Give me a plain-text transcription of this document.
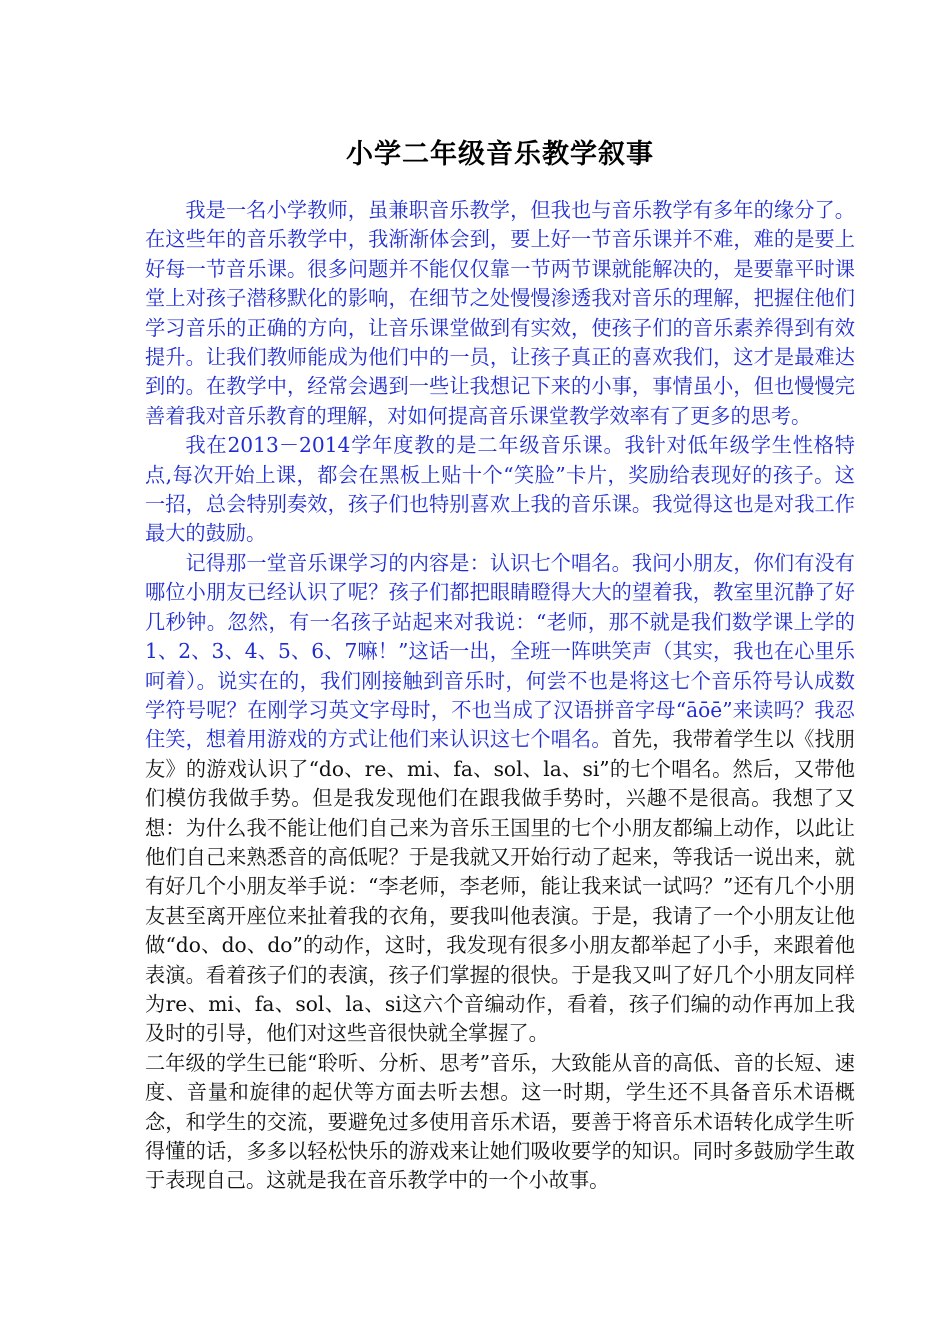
小学二年级音乐教学叙事

我是一名小学教师，虽兼职音乐教学，但我也与音乐教学有多年的缘分了。在这些年的音乐教学中，我渐渐体会到，要上好一节音乐课并不难，难的是要上好每一节音乐课。很多问题并不能仅仅靠一节两节课就能解决的，是要靠平时课堂上对孩子潜移默化的影响，在细节之处慢慢渗透我对音乐的理解，把握住他们学习音乐的正确的方向，让音乐课堂做到有实效，使孩子们的音乐素养得到有效提升。让我们教师能成为他们中的一员，让孩子真正的喜欢我们，这才是最难达到的。在教学中，经常会遇到一些让我想记下来的小事，事情虽小，但也慢慢完善着我对音乐教育的理解，对如何提高音乐课堂教学效率有了更多的思考。

我在2013－2014学年度教的是二年级音乐课。我针对低年级学生性格特点,每次开始上课，都会在黑板上贴十个“笑脸”卡片，奖励给表现好的孩子。这一招，总会特别奏效，孩子们也特别喜欢上我的音乐课。我觉得这也是对我工作最大的鼓励。

记得那一堂音乐课学习的内容是：认识七个唱名。我问小朋友，你们有没有哪位小朋友已经认识了呢？孩子们都把眼睛瞪得大大的望着我，教室里沉静了好几秒钟。忽然，有一名孩子站起来对我说：“老师，那不就是我们数学课上学的1、2、3、4、5、6、7嘛！”这话一出，全班一阵哄笑声（其实，我也在心里乐呵着）。说实在的，我们刚接触到音乐时，何尝不也是将这七个音乐符号认成数学符号呢？在刚学习英文字母时，不也当成了汉语拼音字母“āōē”来读吗？我忍住笑，想着用游戏的方式让他们来认识这七个唱名。

首先，我带着学生以《找朋友》的游戏认识了“do、re、mi、fa、sol、la、si”的七个唱名。然后，又带他们模仿我做手势。但是我发现他们在跟我做手势时，兴趣不是很高。我想了又想：为什么我不能让他们自己来为音乐王国里的七个小朋友都编上动作，以此让他们自己来熟悉音的高低呢？于是我就又开始行动了起来，等我话一说出来，就有好几个小朋友举手说：“李老师，李老师，能让我来试一试吗？”还有几个小朋友甚至离开座位来扯着我的衣角，要我叫他表演。于是，我请了一个小朋友让他做“do、do、do”的动作，这时，我发现有很多小朋友都举起了小手，来跟着他表演。看着孩子们的表演，孩子们掌握的很快。于是我又叫了好几个小朋友同样为re、mi、fa、sol、la、si这六个音编动作，看着，孩子们编的动作再加上我及时的引导，他们对这些音很快就全掌握了。

二年级的学生已能“聆听、分析、思考”音乐，大致能从音的高低、音的长短、速度、音量和旋律的起伏等方面去听去想。这一时期，学生还不具备音乐术语概念，和学生的交流，要避免过多使用音乐术语，要善于将音乐术语转化成学生听得懂的话，多多以轻松快乐的游戏来让她们吸收要学的知识。同时多鼓励学生敢于表现自己。这就是我在音乐教学中的一个小故事。
